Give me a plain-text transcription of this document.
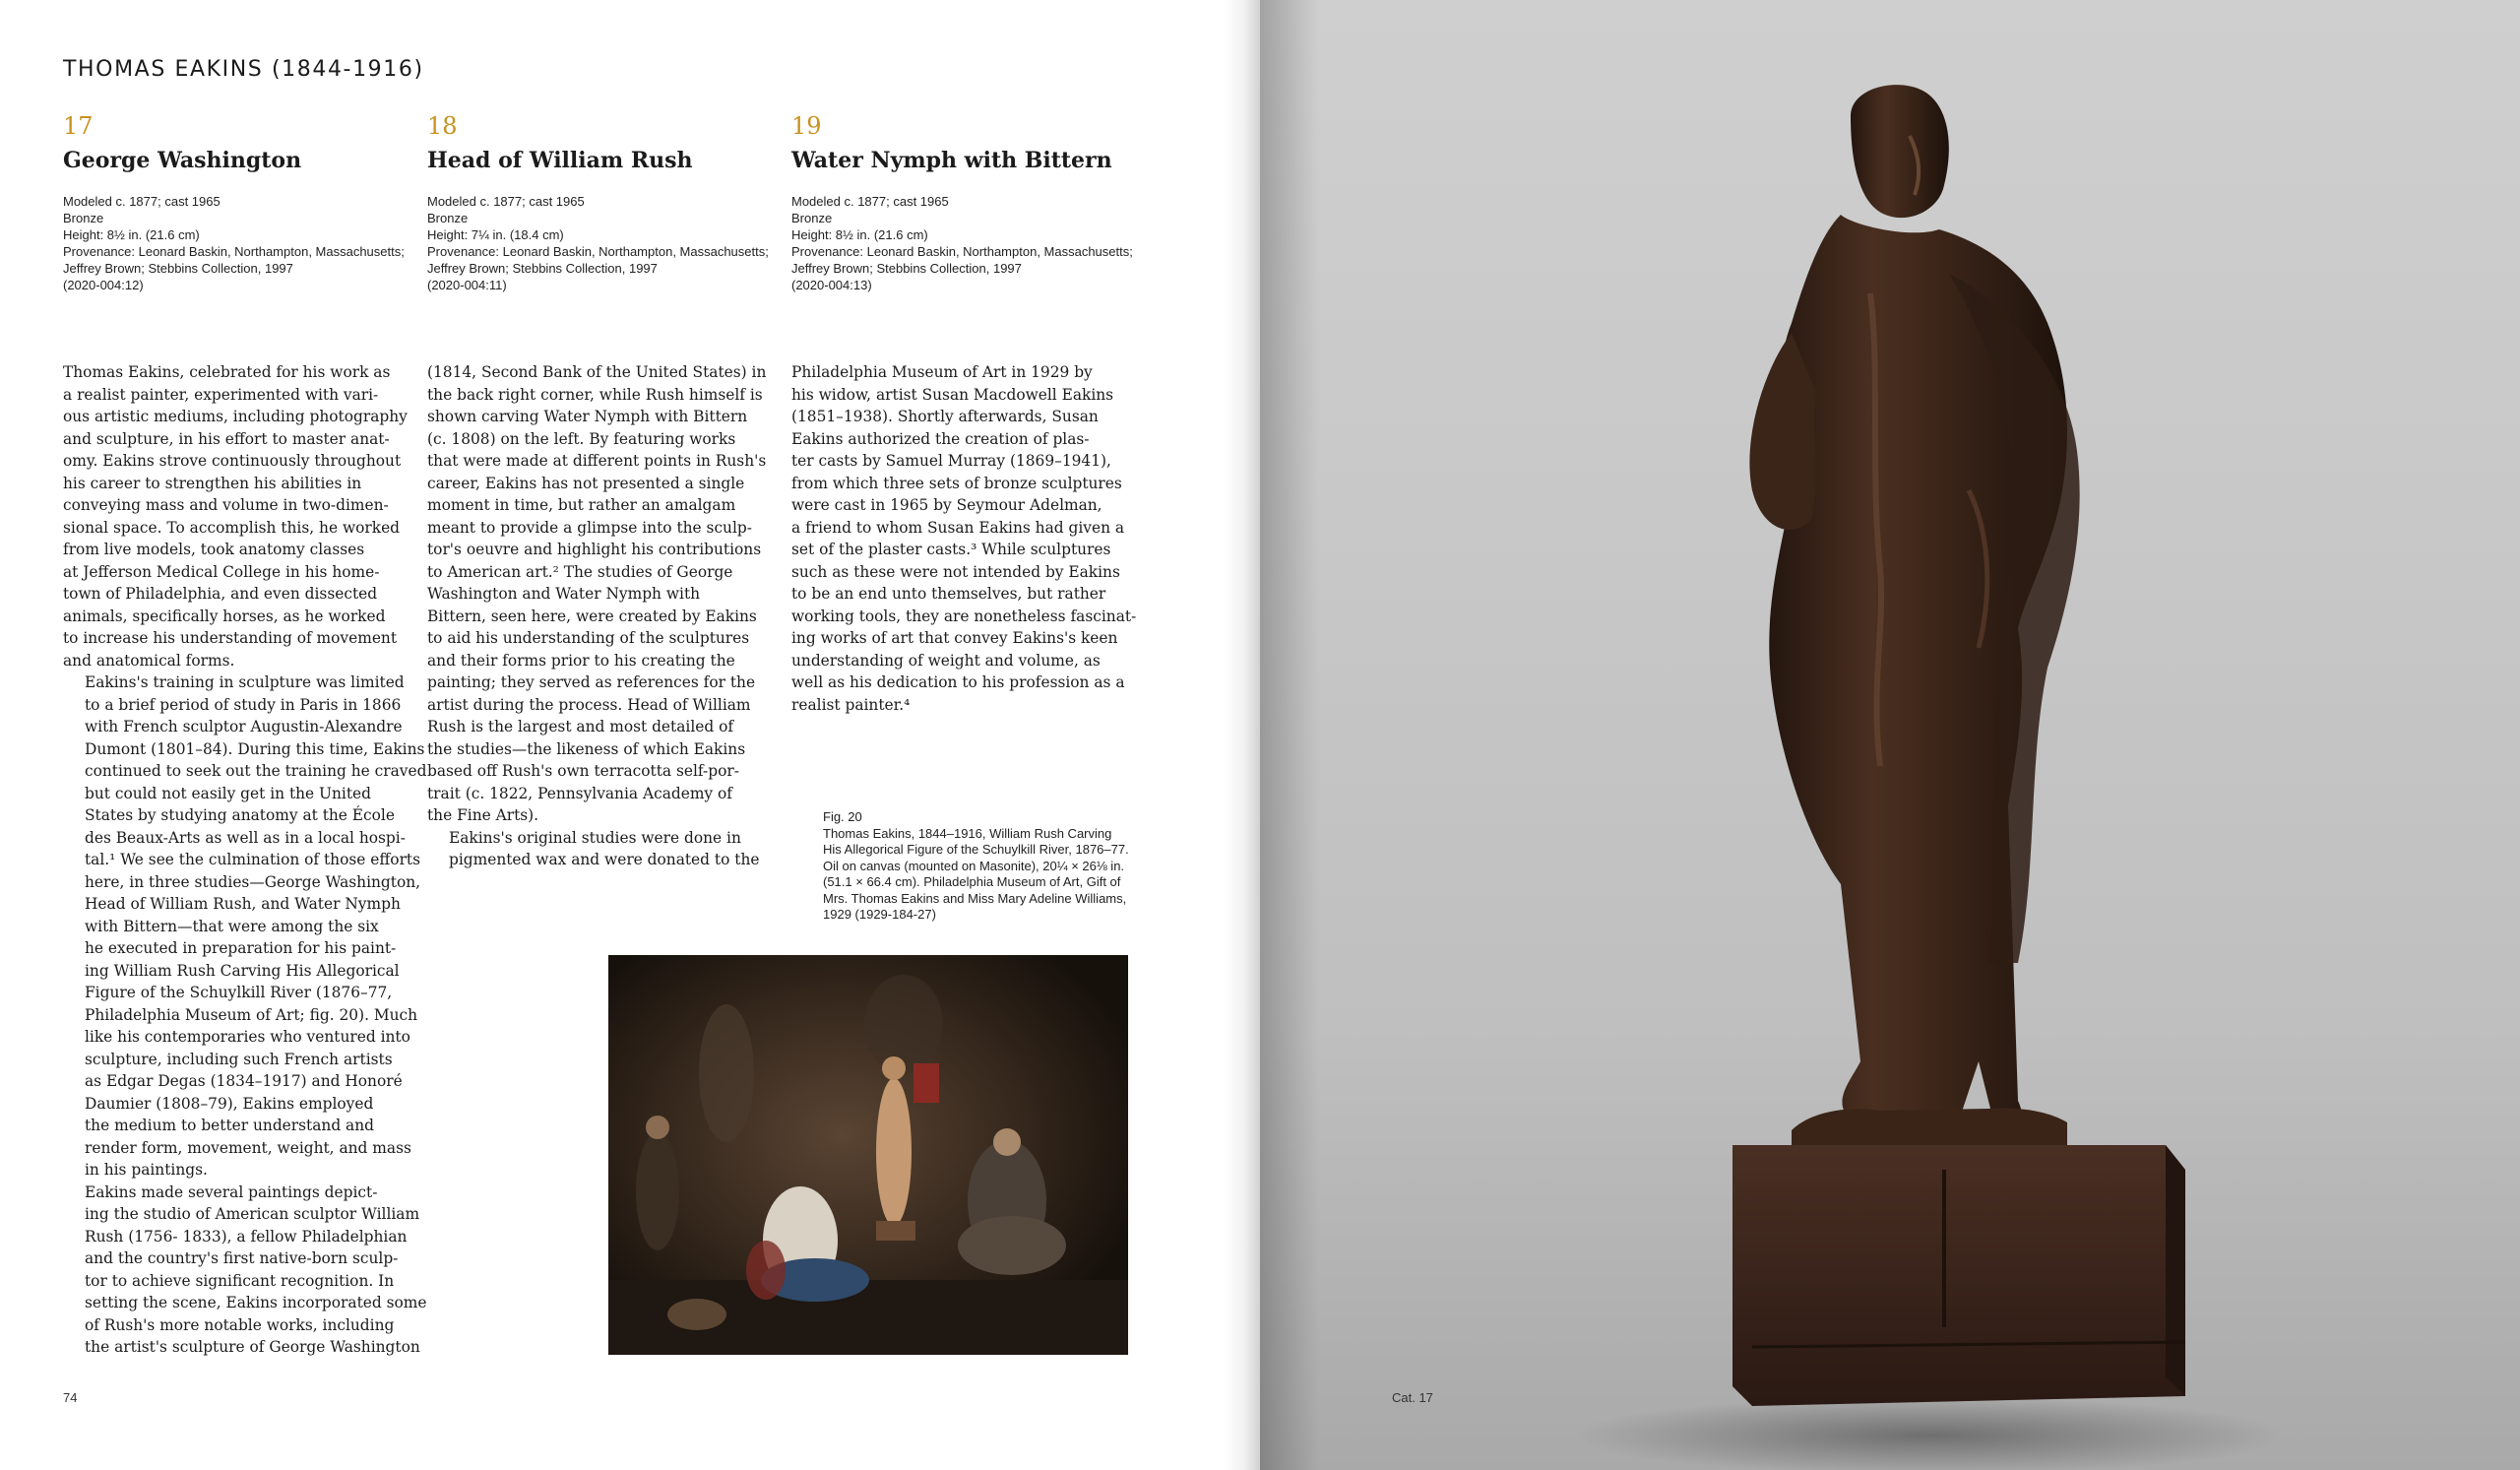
THOMAS EAKINS (1844-1916)
17
George Washington
Modeled c. 1877; cast 1965
Bronze
Height: 8½ in. (21.6 cm)
Provenance: Leonard Baskin, Northampton, Massachusetts;
Jeffrey Brown; Stebbins Collection, 1997
(2020-004:12)
18
Head of William Rush
Modeled c. 1877; cast 1965
Bronze
Height: 7¼ in. (18.4 cm)
Provenance: Leonard Baskin, Northampton, Massachusetts;
Jeffrey Brown; Stebbins Collection, 1997
(2020-004:11)
19
Water Nymph with Bittern
Modeled c. 1877; cast 1965
Bronze
Height: 8½ in. (21.6 cm)
Provenance: Leonard Baskin, Northampton, Massachusetts;
Jeffrey Brown; Stebbins Collection, 1997
(2020-004:13)

Thomas Eakins, celebrated for his work as
a realist painter, experimented with vari-
ous artistic mediums, including photography
and sculpture, in his effort to master anat-
omy. Eakins strove continuously throughout
his career to strengthen his abilities in
conveying mass and volume in two-dimen-
sional space. To accomplish this, he worked
from live models, took anatomy classes
at Jefferson Medical College in his home-
town of Philadelphia, and even dissected
animals, specifically horses, as he worked
to increase his understanding of movement
and anatomical forms.

Eakins's training in sculpture was limited
to a brief period of study in Paris in 1866
with French sculptor Augustin-Alexandre
Dumont (1801–84). During this time, Eakins
continued to seek out the training he craved
but could not easily get in the United
States by studying anatomy at the École
des Beaux-Arts as well as in a local hospi-
tal.¹ We see the culmination of those efforts
here, in three studies—George Washington,
Head of William Rush, and Water Nymph
with Bittern—that were among the six
he executed in preparation for his paint-
ing William Rush Carving His Allegorical
Figure of the Schuylkill River (1876–77,
Philadelphia Museum of Art; fig. 20). Much
like his contemporaries who ventured into
sculpture, including such French artists
as Edgar Degas (1834–1917) and Honoré
Daumier (1808–79), Eakins employed
the medium to better understand and
render form, movement, weight, and mass
in his paintings.

Eakins made several paintings depict-
ing the studio of American sculptor William
Rush (1756- 1833), a fellow Philadelphian
and the country's first native-born sculp-
tor to achieve significant recognition. In
setting the scene, Eakins incorporated some
of Rush's more notable works, including
the artist's sculpture of George Washington

(1814, Second Bank of the United States) in
the back right corner, while Rush himself is
shown carving Water Nymph with Bittern
(c. 1808) on the left. By featuring works
that were made at different points in Rush's
career, Eakins has not presented a single
moment in time, but rather an amalgam
meant to provide a glimpse into the sculp-
tor's oeuvre and highlight his contributions
to American art.² The studies of George
Washington and Water Nymph with
Bittern, seen here, were created by Eakins
to aid his understanding of the sculptures
and their forms prior to his creating the
painting; they served as references for the
artist during the process. Head of William
Rush is the largest and most detailed of
the studies—the likeness of which Eakins
based off Rush's own terracotta self-por-
trait (c. 1822, Pennsylvania Academy of
the Fine Arts).

Eakins's original studies were done in
pigmented wax and were donated to the

Philadelphia Museum of Art in 1929 by
his widow, artist Susan Macdowell Eakins
(1851–1938). Shortly afterwards, Susan
Eakins authorized the creation of plas-
ter casts by Samuel Murray (1869–1941),
from which three sets of bronze sculptures
were cast in 1965 by Seymour Adelman,
a friend to whom Susan Eakins had given a
set of the plaster casts.³ While sculptures
such as these were not intended by Eakins
to be an end unto themselves, but rather
working tools, they are nonetheless fascinat-
ing works of art that convey Eakins's keen
understanding of weight and volume, as
well as his dedication to his profession as a
realist painter.⁴

Fig. 20
Thomas Eakins, 1844–1916, William Rush Carving
His Allegorical Figure of the Schuylkill River, 1876–77.
Oil on canvas (mounted on Masonite), 20¼ × 26⅛ in.
(51.1 × 66.4 cm). Philadelphia Museum of Art, Gift of
Mrs. Thomas Eakins and Miss Mary Adeline Williams,
1929 (1929-184-27)
74	Cat. 17
